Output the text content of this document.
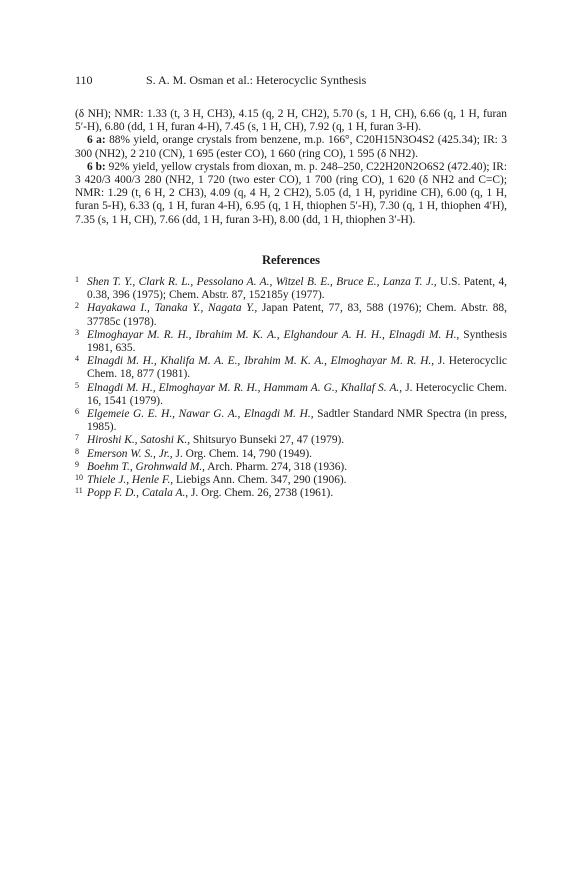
110	S. A. M. Osman et al.: Heterocyclic Synthesis

(δ NH); NMR: 1.33 (t, 3 H, CH3), 4.15 (q, 2 H, CH2), 5.70 (s, 1 H, CH), 6.66 (q, 1 H, furan 5′-H), 6.80 (dd, 1 H, furan 4-H), 7.45 (s, 1 H, CH), 7.92 (q, 1 H, furan 3-H).

6 a: 88% yield, orange crystals from benzene, m.p. 166°, C20H15N3O4S2 (425.34); IR: 3 300 (NH2), 2 210 (CN), 1 695 (ester CO), 1 660 (ring CO), 1 595 (δ NH2).

6 b: 92% yield, yellow crystals from dioxan, m. p. 248–250, C22H20N2O6S2 (472.40); IR: 3 420/3 400/3 280 (NH2, 1 720 (two ester CO), 1 700 (ring CO), 1 620 (δ NH2 and C=C); NMR: 1.29 (t, 6 H, 2 CH3), 4.09 (q, 4 H, 2 CH2), 5.05 (d, 1 H, pyridine CH), 6.00 (q, 1 H, furan 5-H), 6.33 (q, 1 H, furan 4-H), 6.95 (q, 1 H, thiophen 5′-H), 7.30 (q, 1 H, thiophen 4′H), 7.35 (s, 1 H, CH), 7.66 (dd, 1 H, furan 3-H), 8.00 (dd, 1 H, thiophen 3′-H).

References
1 Shen T. Y., Clark R. L., Pessolano A. A., Witzel B. E., Bruce E., Lanza T. J., U.S. Patent, 4, 0.38, 396 (1975); Chem. Abstr. 87, 152185y (1977).
2 Hayakawa I., Tanaka Y., Nagata Y., Japan Patent, 77, 83, 588 (1976); Chem. Abstr. 88, 37785c (1978).
3 Elmoghayar M. R. H., Ibrahim M. K. A., Elghandour A. H. H., Elnagdi M. H., Synthesis 1981, 635.
4 Elnagdi M. H., Khalifa M. A. E., Ibrahim M. K. A., Elmoghayar M. R. H., J. Heterocyclic Chem. 18, 877 (1981).
5 Elnagdi M. H., Elmoghayar M. R. H., Hammam A. G., Khallaf S. A., J. Heterocyclic Chem. 16, 1541 (1979).
6 Elgemeie G. E. H., Nawar G. A., Elnagdi M. H., Sadtler Standard NMR Spectra (in press, 1985).
7 Hiroshi K., Satoshi K., Shitsuryo Bunseki 27, 47 (1979).
8 Emerson W. S., Jr., J. Org. Chem. 14, 790 (1949).
9 Boehm T., Grohnwald M., Arch. Pharm. 274, 318 (1936).
10 Thiele J., Henle F., Liebigs Ann. Chem. 347, 290 (1906).
11 Popp F. D., Catala A., J. Org. Chem. 26, 2738 (1961).
